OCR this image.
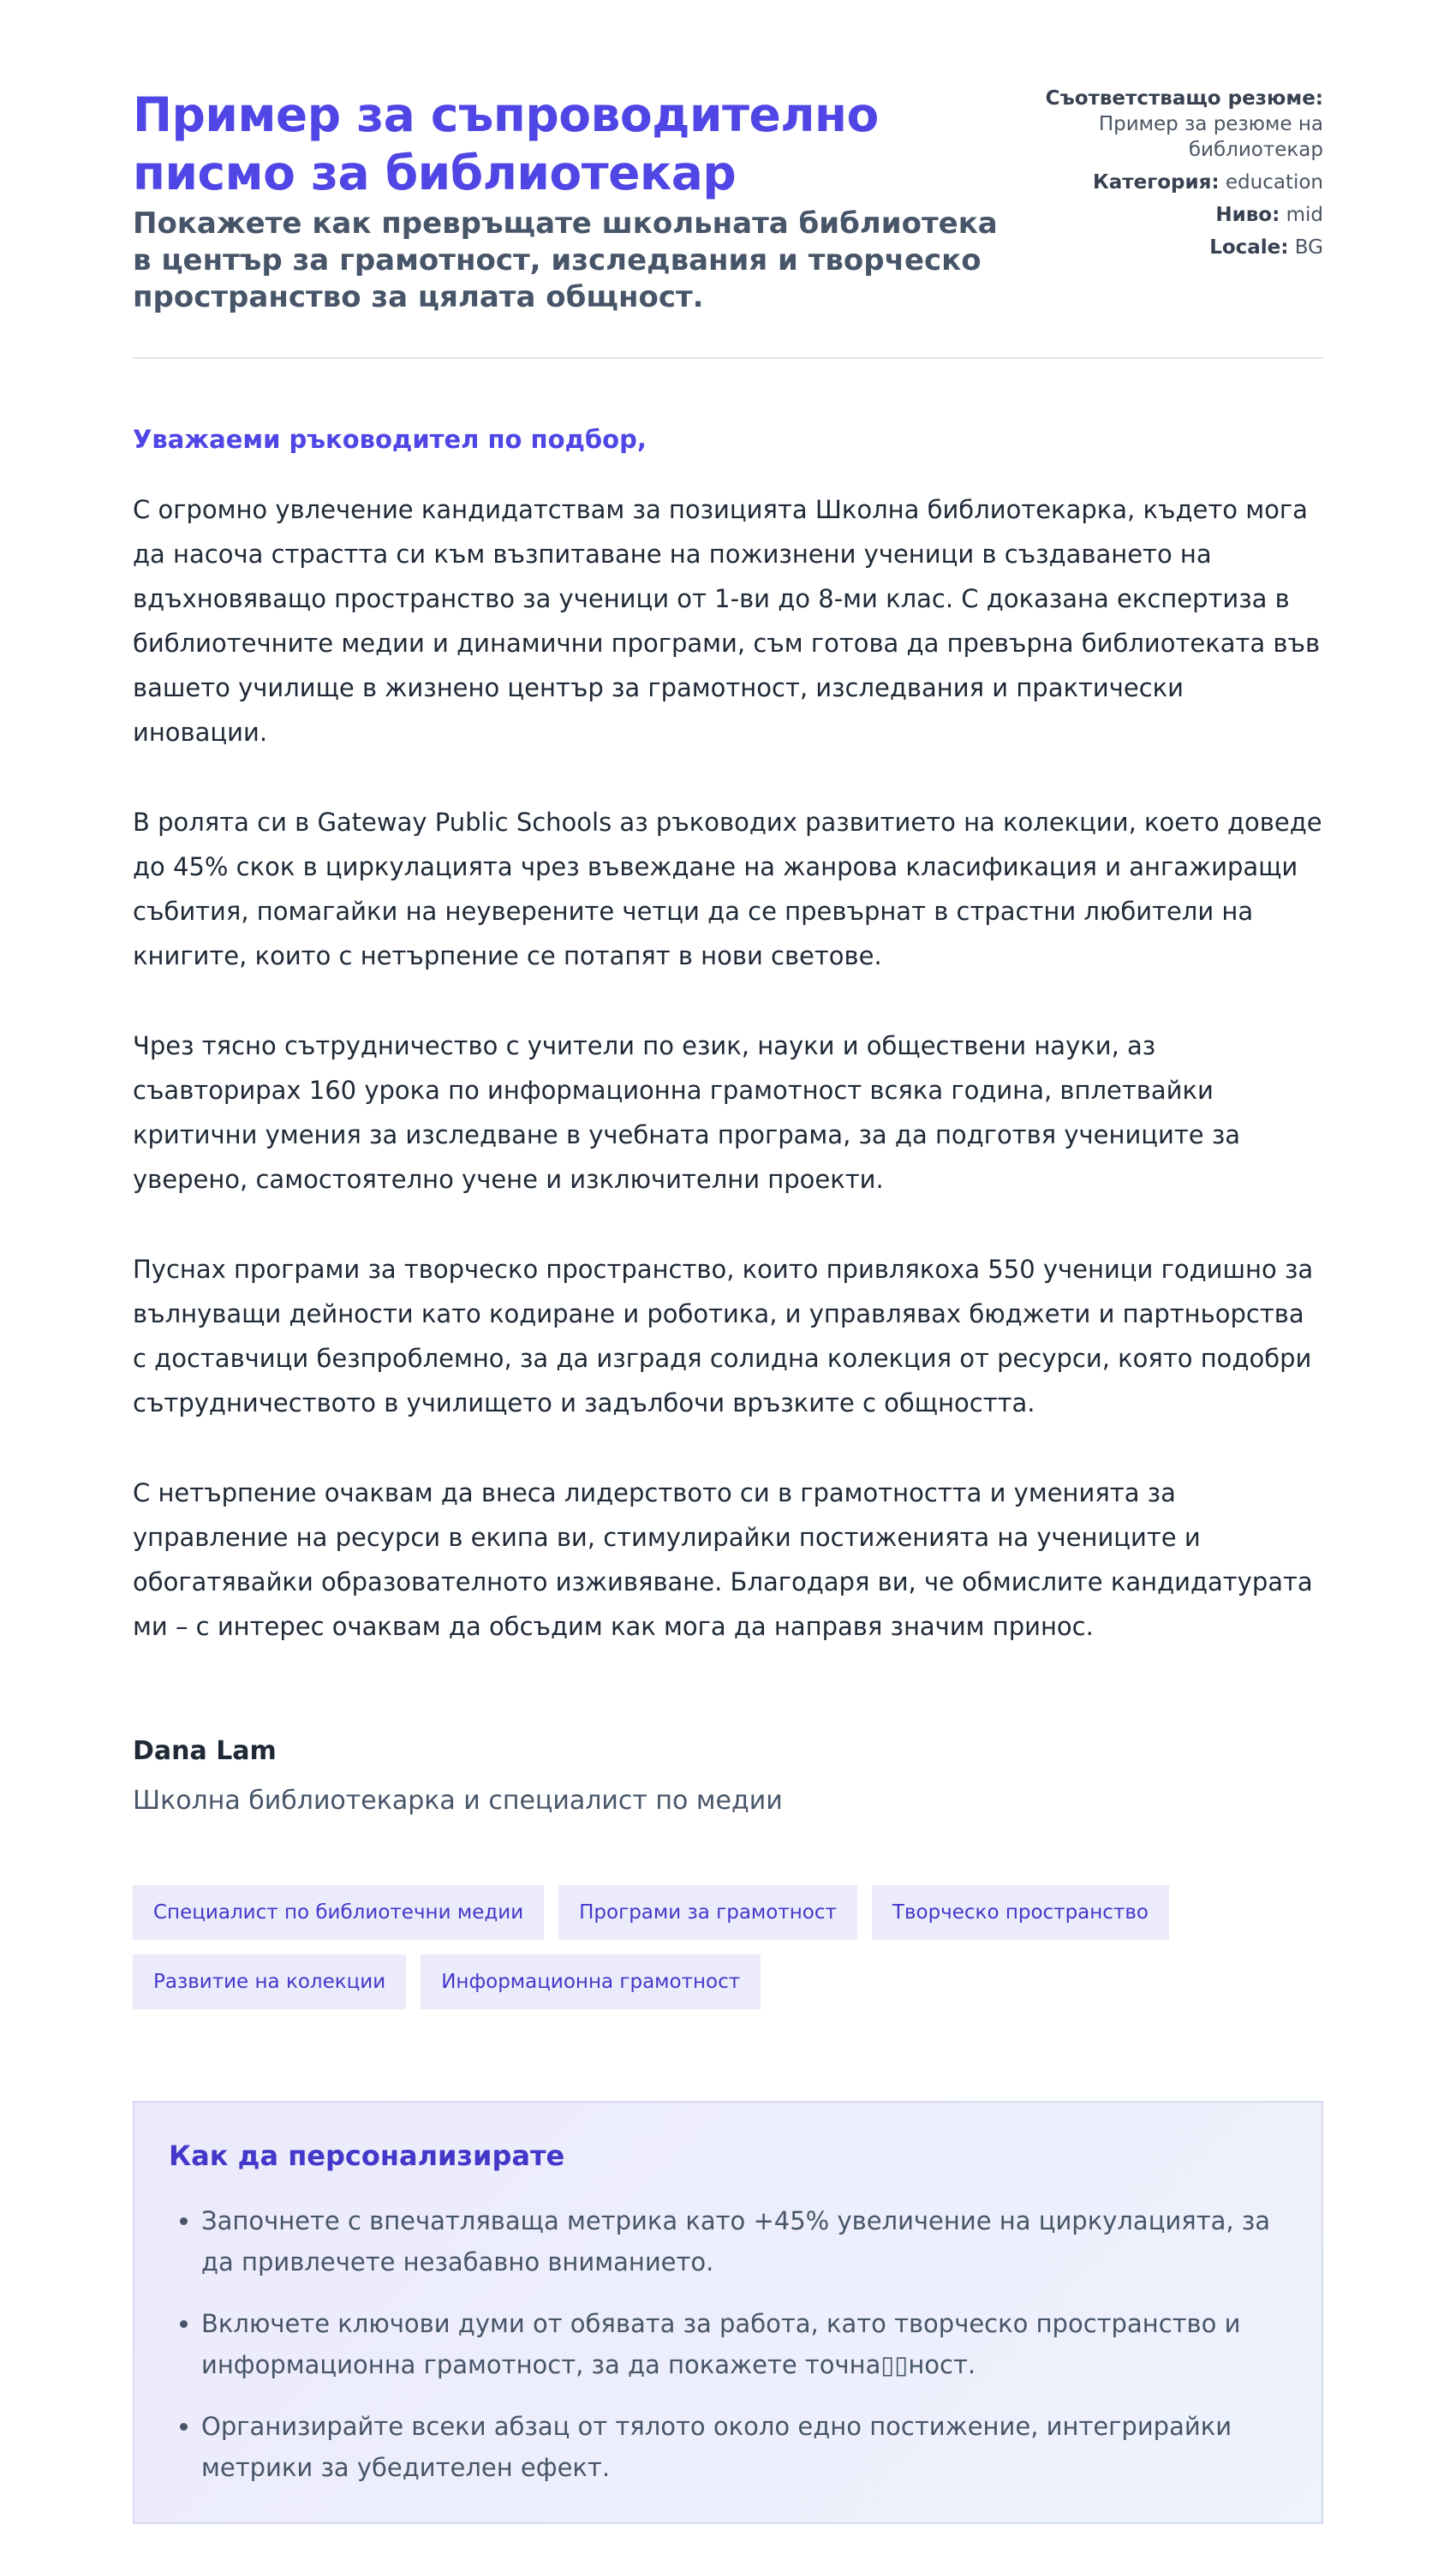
Пример за съпроводително писмо за библиотекар

Покажете как превръщате школьната библиотека в център за грамотност, изследвания и творческо пространство за цялата общност.

Съответстващо резюме:
Пример за резюме на библиотекар
Категория: education
Ниво: mid
Locale: BG

Уважаеми ръководител по подбор,

С огромно увлечение кандидатствам за позицията Школна библиотекарка, където мога да насоча страстта си към възпитаване на пожизнени ученици в създаването на вдъхновяващо пространство за ученици от 1-ви до 8-ми клас. С доказана експертиза в библиотечните медии и динамични програми, съм готова да превърна библиотеката във вашето училище в жизнено център за грамотност, изследвания и практически иновации.

В ролята си в Gateway Public Schools аз ръководих развитието на колекции, което доведе до 45% скок в циркулацията чрез въвеждане на жанрова класификация и ангажиращи събития, помагайки на неуверените четци да се превърнат в страстни любители на книгите, които с нетърпение се потапят в нови светове.

Чрез тясно сътрудничество с учители по език, науки и обществени науки, аз съавторирах 160 урока по информационна грамотност всяка година, вплетвайки критични умения за изследване в учебната програма, за да подготвя учениците за уверено, самостоятелно учене и изключителни проекти.

Пуснах програми за творческо пространство, които привлякоха 550 ученици годишно за вълнуващи дейности като кодиране и роботика, и управлявах бюджети и партньорства с доставчици безпроблемно, за да изградя солидна колекция от ресурси, която подобри сътрудничеството в училището и задълбочи връзките с общността.

С нетърпение очаквам да внеса лидерството си в грамотността и уменията за управление на ресурси в екипа ви, стимулирайки постиженията на учениците и обогатявайки образователното изживяване. Благодаря ви, че обмислите кандидатурата ми – с интерес очаквам да обсъдим как мога да направя значим принос.

Dana Lam
Школна библиотекарка и специалист по медии
Специалист по библиотечни медии	Програми за грамотност	Творческо пространство
Развитие на колекции	Информационна грамотност
Как да персонализирате
• Започнете с впечатляваща метрика като +45% увеличение на циркулацията, за да привлечете незабавно вниманието.
• Включете ключови думи от обявата за работа, като творческо пространство и информационна грамотност, за да покажете точна▯▯ност.
• Организирайте всеки абзац от тялото около едно постижение, интегрирайки метрики за убедителен ефект.
